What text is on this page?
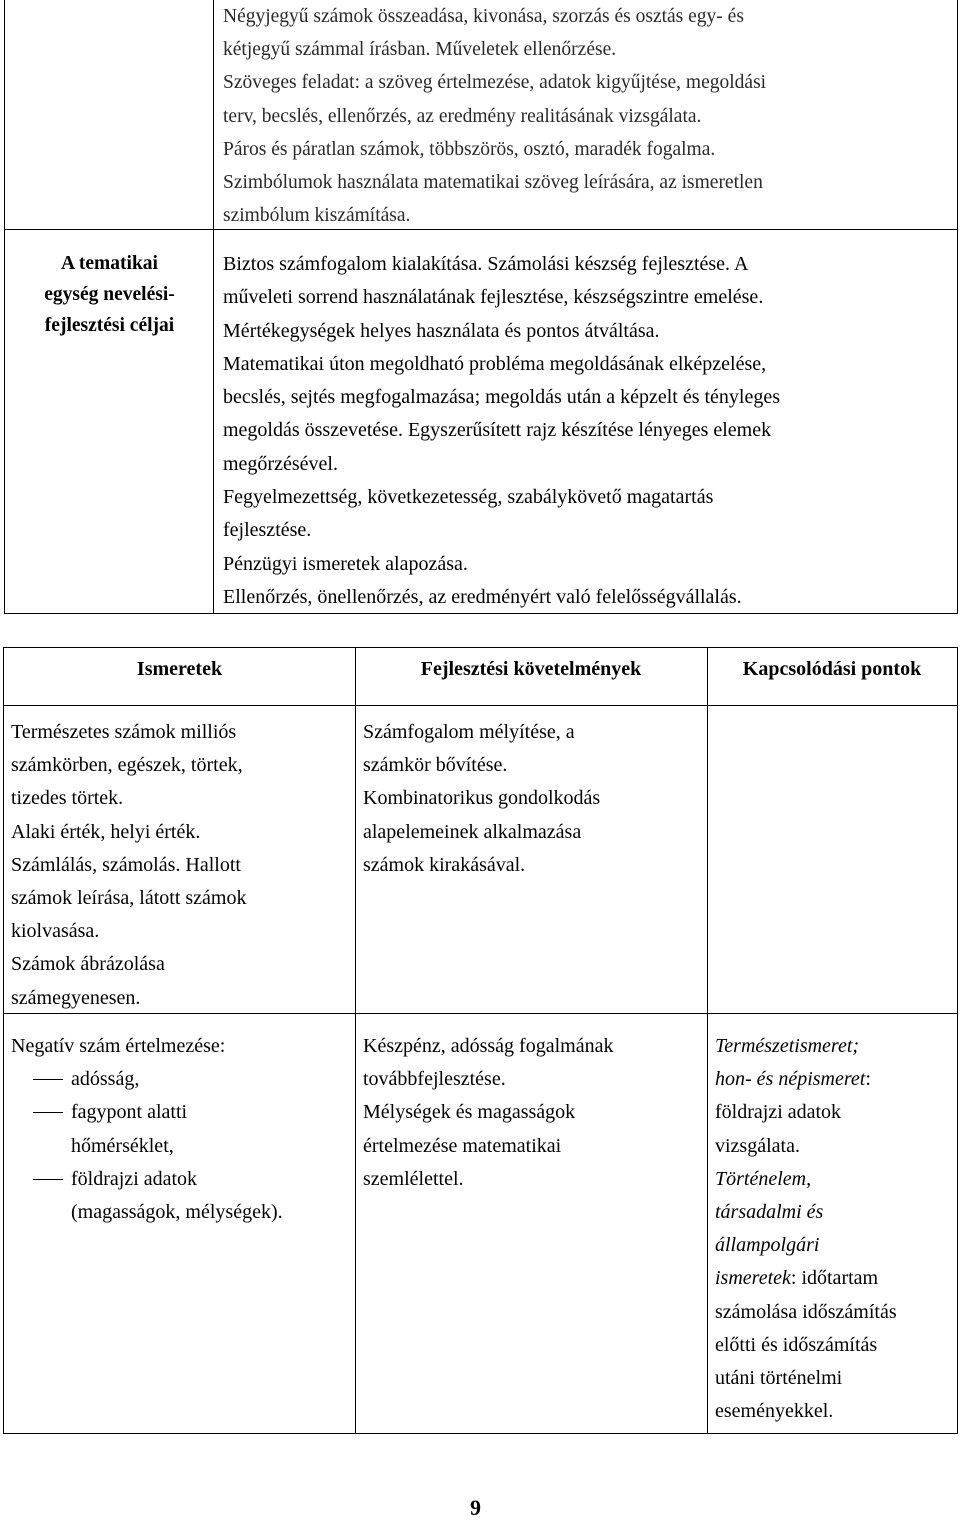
Négyjegyű számok összeadása, kivonása, szorzás és osztás egy- és
kétjegyű számmal írásban. Műveletek ellenőrzése.
Szöveges feladat: a szöveg értelmezése, adatok kigyűjtése, megoldási
terv, becslés, ellenőrzés, az eredmény realitásának vizsgálata.
Páros és páratlan számok, többszörös, osztó, maradék fogalma.
Szimbólumok használata matematikai szöveg leírására, az ismeretlen
szimbólum kiszámítása.
A tematikai
egység nevelési-
fejlesztési céljai
Biztos számfogalom kialakítása. Számolási készség fejlesztése. A
műveleti sorrend használatának fejlesztése, készségszintre emelése.
Mértékegységek helyes használata és pontos átváltása.
Matematikai úton megoldható probléma megoldásának elképzelése,
becslés, sejtés megfogalmazása; megoldás után a képzelt és tényleges
megoldás összevetése. Egyszerűsített rajz készítése lényeges elemek
megőrzésével.
Fegyelmezettség, következetesség, szabálykövető magatartás
fejlesztése.
Pénzügyi ismeretek alapozása.
Ellenőrzés, önellenőrzés, az eredményért való felelősségvállalás.
Ismeretek	Fejlesztési követelmények	Kapcsolódási pontok
Természetes számok milliós
számkörben, egészek, törtek,
tizedes törtek.
Alaki érték, helyi érték.
Számlálás, számolás. Hallott
számok leírása, látott számok
kiolvasása.
Számok ábrázolása
számegyenesen.
Számfogalom mélyítése, a
számkör bővítése.
Kombinatorikus gondolkodás
alapelemeinek alkalmazása
számok kirakásával.
Negatív szám értelmezése:
adósság,
fagypont alatti
hőmérséklet,
földrajzi adatok
(magasságok, mélységek).
Készpénz, adósság fogalmának
továbbfejlesztése.
Mélységek és magasságok
értelmezése matematikai
szemlélettel.
Természetismeret;
hon- és népismeret:
földrajzi adatok
vizsgálata.
Történelem,
társadalmi és
állampolgári
ismeretek: időtartam
számolása időszámítás
előtti és időszámítás
utáni történelmi
eseményekkel.
9
